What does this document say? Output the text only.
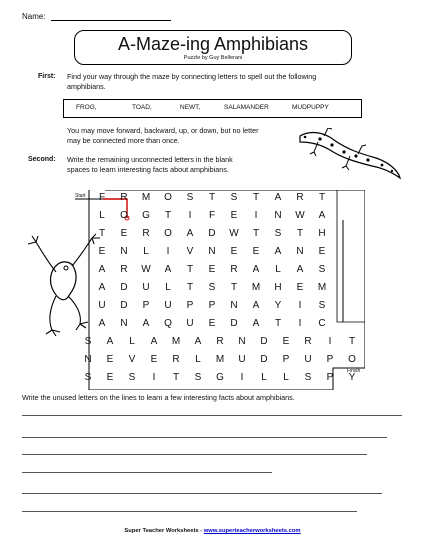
Name:
A-Maze-ing Amphibians
Puzzle by Guy Bellerani
First: Find your way through the maze by connecting letters to spell out the following
amphibians.
FROG,	TOAD,	NEWT,	SALAMANDER	MUDPUPPY
You may move forward, backward, up, or down, but no letter
may be connected more than once.
Second: Write the remaining unconnected letters in the blank
spaces to learn interesting facts about amphibians.
Start
Finish
F	R	M	O	S	T	S	T	A	R	T
L	O	G	T	I	F	E	I	N	W	A
T	E	R	O	A	D	W	T	S	T	H
E	N	L	I	V	N	E	E	A	N	E
A	R	W	A	T	E	R	A	L	A	S
A	D	U	L	T	S	T	M	H	E	M
U	D	P	U	P	P	N	A	Y	I	S
A	N	A	Q	U	E	D	A	T	I	C
S	A	L	A	M	A	R	N	D	E	R	I	T
N	E	V	E	R	L	M	U	D	P	U	P	O
S	E	S	I	T	S	G	I	L	L	S	P	Y
Write the unused letters on the lines to learn a few interesting facts about amphibians.
Super Teacher Worksheets - www.superteacherworksheets.com
